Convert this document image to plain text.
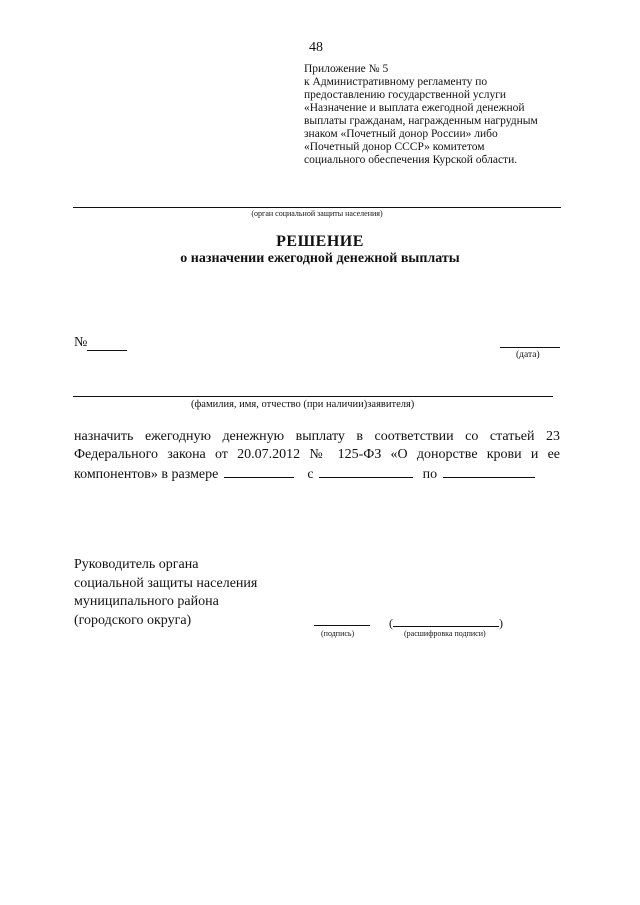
48
Приложение № 5
к Административному регламенту по
предоставлению государственной услуги
«Назначение и выплата ежегодной денежной
выплаты гражданам, награжденным нагрудным
знаком «Почетный донор России» либо
«Почетный донор СССР» комитетом
социального обеспечения Курской области.
(орган социальной защиты населения)
РЕШЕНИЕ
о назначении ежегодной денежной выплаты
№
(дата)
(фамилия, имя, отчество (при наличии)заявителя)
назначить ежегодную денежную выплату в соответствии со статьей 23
Федерального закона от 20.07.2012 № 125-ФЗ «О донорстве крови и ее
компонентов» в размере	с	по
Руководитель органа
социальной защиты населения
муниципального района
(городского округа)
(подпись)
(	)
(расшифровка подписи)
